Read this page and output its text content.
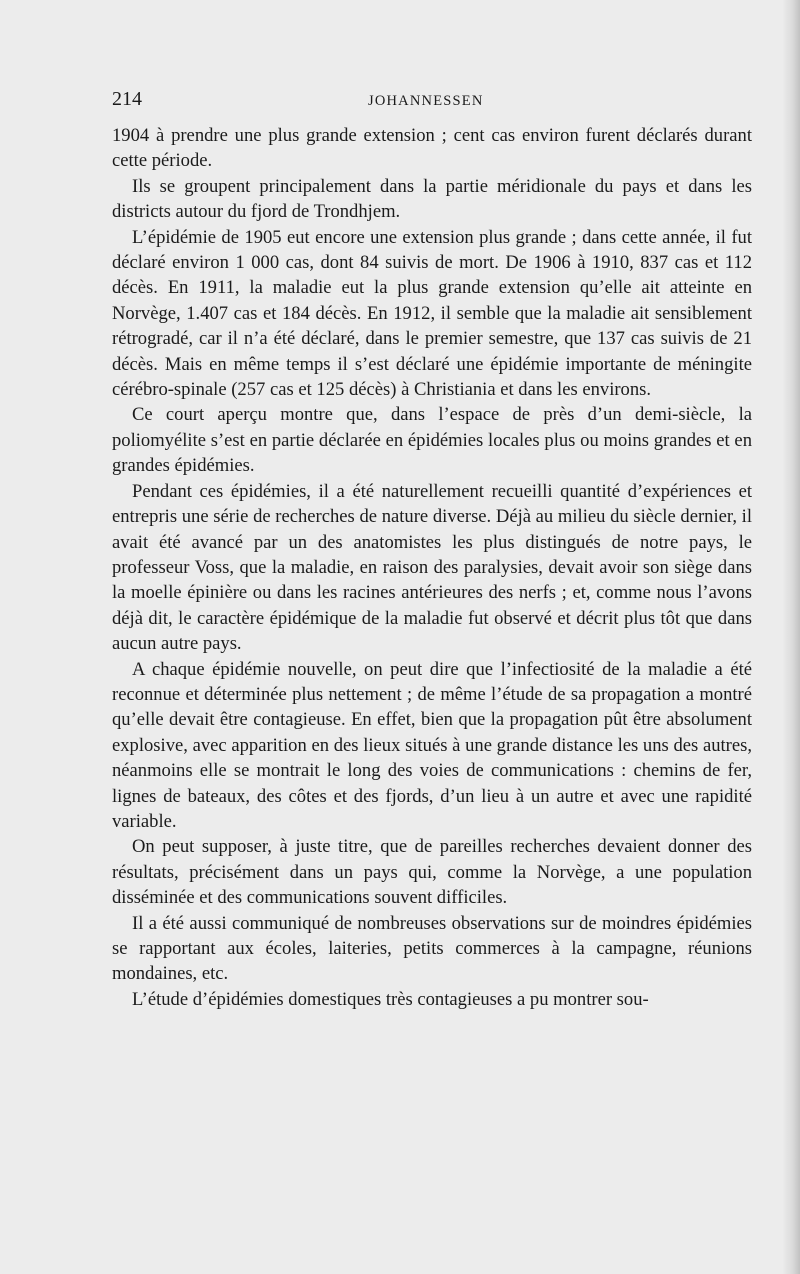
214	JOHANNESSEN

1904 à prendre une plus grande extension ; cent cas environ furent déclarés durant cette période.

Ils se groupent principalement dans la partie méridionale du pays et dans les districts autour du fjord de Trondhjem.

L’épidémie de 1905 eut encore une extension plus grande ; dans cette année, il fut déclaré environ 1 000 cas, dont 84 suivis de mort. De 1906 à 1910, 837 cas et 112 décès. En 1911, la maladie eut la plus grande extension qu’elle ait atteinte en Norvège, 1.407 cas et 184 décès. En 1912, il semble que la maladie ait sensiblement rétrogradé, car il n’a été déclaré, dans le premier semestre, que 137 cas suivis de 21 décès. Mais en même temps il s’est déclaré une épidémie importante de méningite cérébro-spinale (257 cas et 125 décès) à Christiania et dans les environs.

Ce court aperçu montre que, dans l’espace de près d’un demi-siècle, la poliomyélite s’est en partie déclarée en épidémies locales plus ou moins grandes et en grandes épidémies.

Pendant ces épidémies, il a été naturellement recueilli quantité d’expériences et entrepris une série de recherches de nature diverse. Déjà au milieu du siècle dernier, il avait été avancé par un des anatomistes les plus distingués de notre pays, le professeur Voss, que la maladie, en raison des paralysies, devait avoir son siège dans la moelle épinière ou dans les racines antérieures des nerfs ; et, comme nous l’avons déjà dit, le caractère épidémique de la maladie fut observé et décrit plus tôt que dans aucun autre pays.

A chaque épidémie nouvelle, on peut dire que l’infectiosité de la maladie a été reconnue et déterminée plus nettement ; de même l’étude de sa propagation a montré qu’elle devait être contagieuse. En effet, bien que la propagation pût être absolument explosive, avec apparition en des lieux situés à une grande distance les uns des autres, néanmoins elle se montrait le long des voies de communications : chemins de fer, lignes de bateaux, des côtes et des fjords, d’un lieu à un autre et avec une rapidité variable.

On peut supposer, à juste titre, que de pareilles recherches devaient donner des résultats, précisément dans un pays qui, comme la Norvège, a une population disséminée et des communications souvent difficiles.

Il a été aussi communiqué de nombreuses observations sur de moindres épidémies se rapportant aux écoles, laiteries, petits commerces à la campagne, réunions mondaines, etc.

L’étude d’épidémies domestiques très contagieuses a pu montrer sou-
